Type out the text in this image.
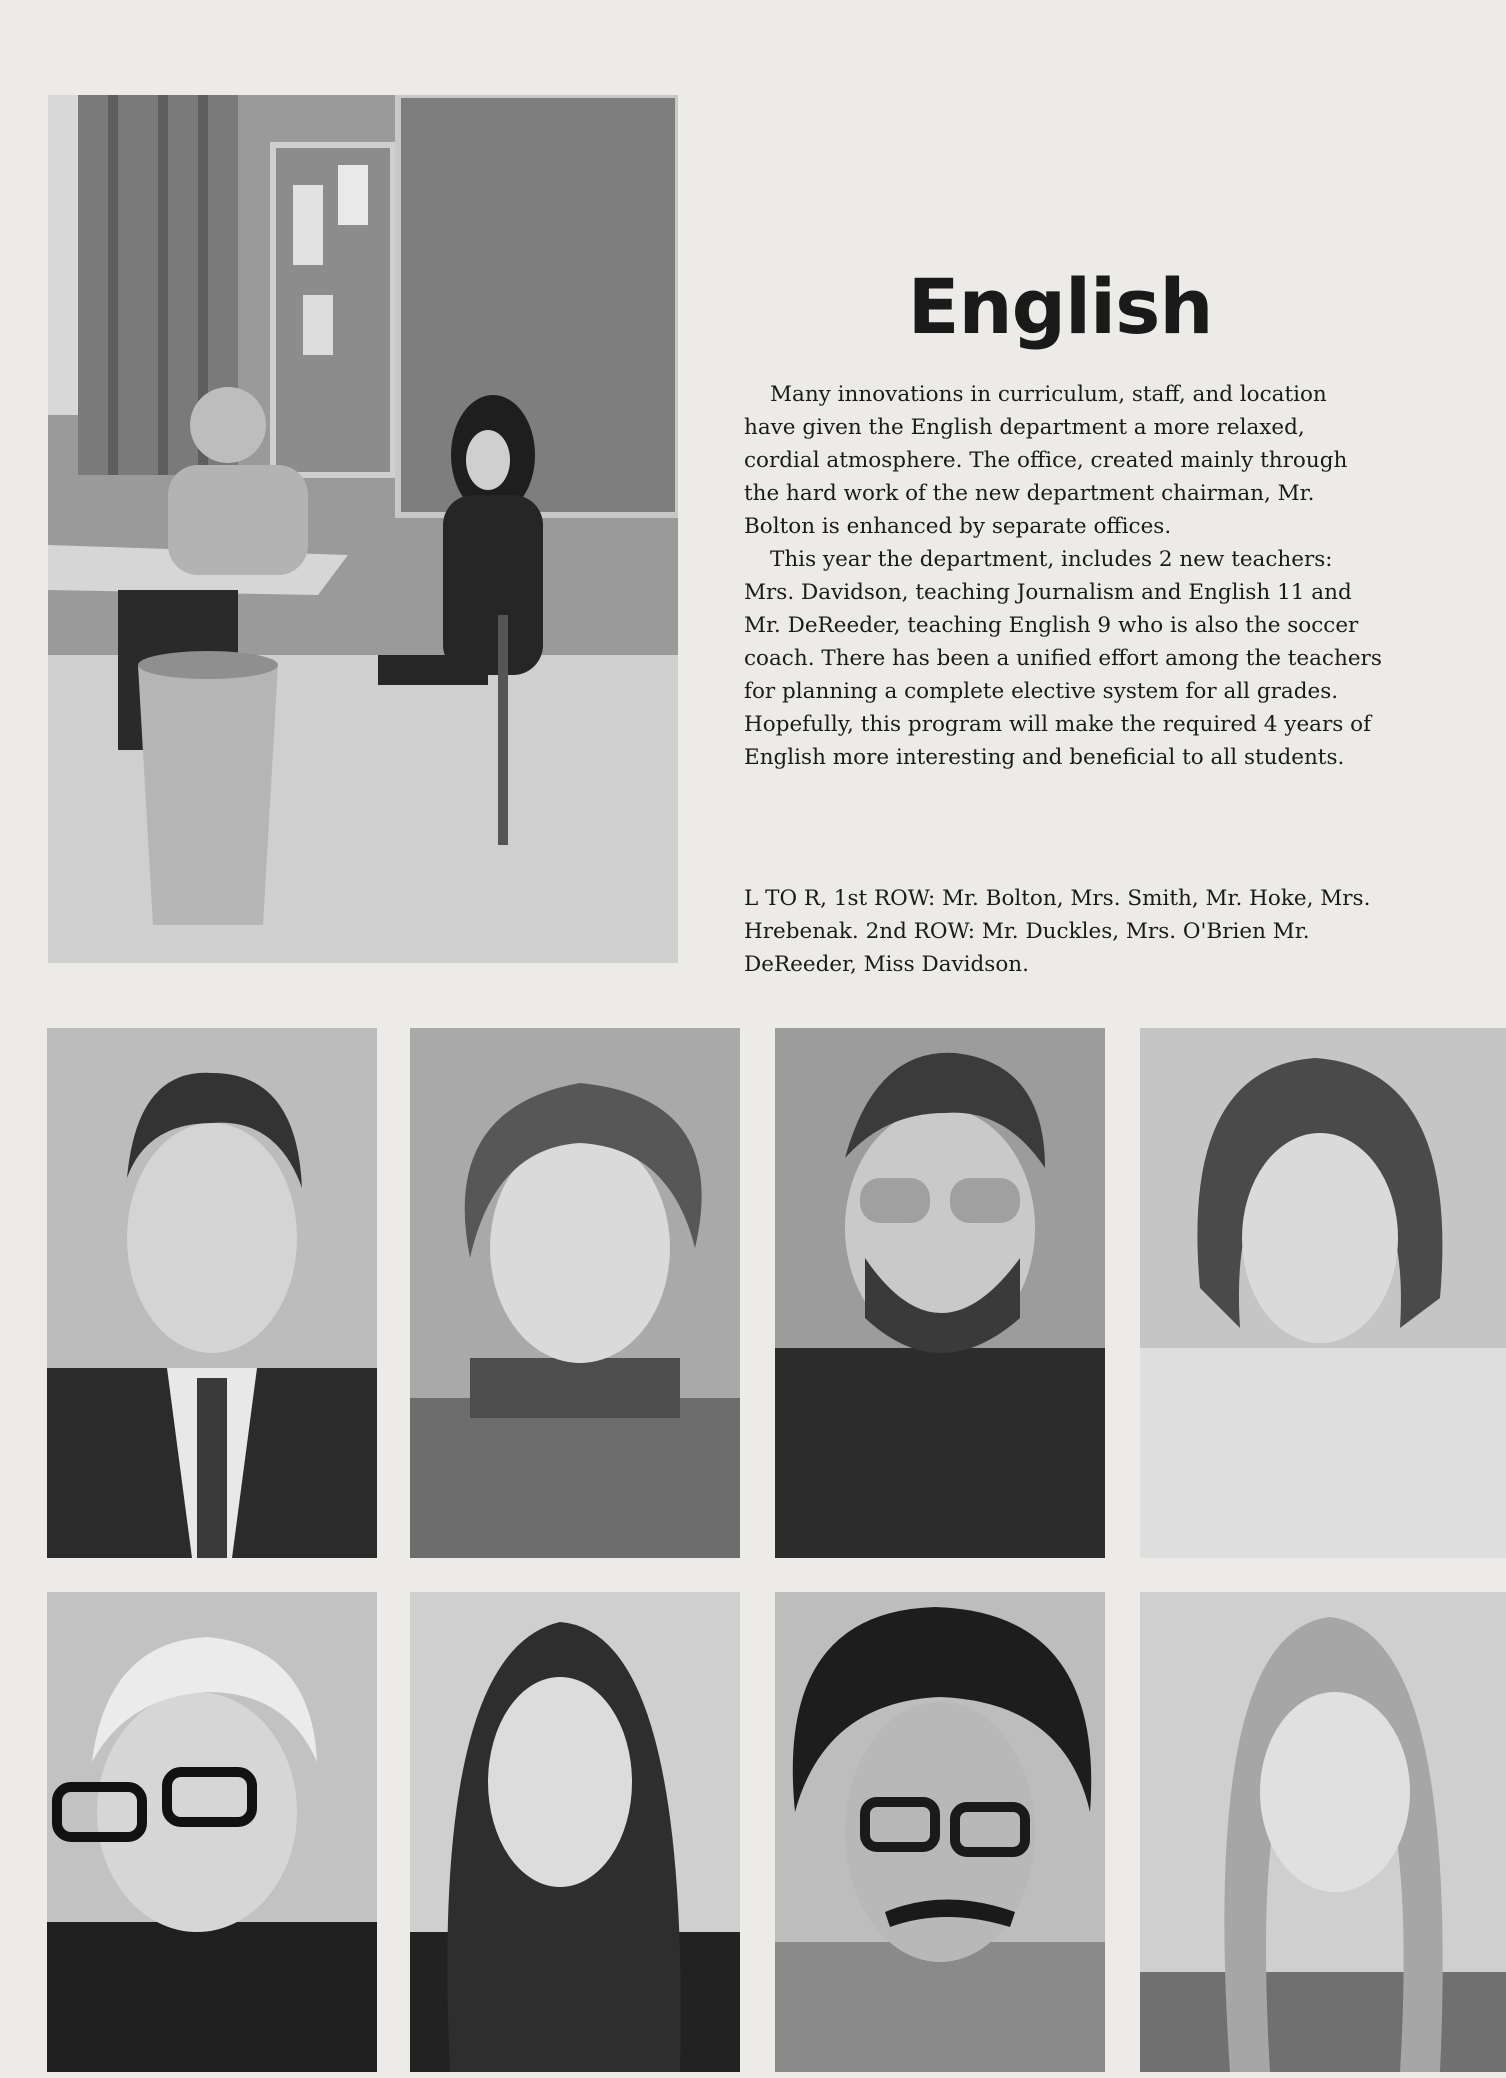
English

Many innovations in curriculum, staff, and location have given the English department a more relaxed, cordial atmosphere. The office, created mainly through the hard work of the new department chairman, Mr. Bolton is enhanced by separate offices.

This year the department, includes 2 new teachers: Mrs. Davidson, teaching Journalism and English 11 and Mr. DeReeder, teaching English 9 who is also the soccer coach. There has been a unified effort among the teachers for planning a complete elective system for all grades. Hopefully, this program will make the required 4 years of English more interesting and beneficial to all students.

L TO R, 1st ROW: Mr. Bolton, Mrs. Smith, Mr. Hoke, Mrs. Hrebenak. 2nd ROW: Mr. Duckles, Mrs. O'Brien Mr. DeReeder, Miss Davidson.
